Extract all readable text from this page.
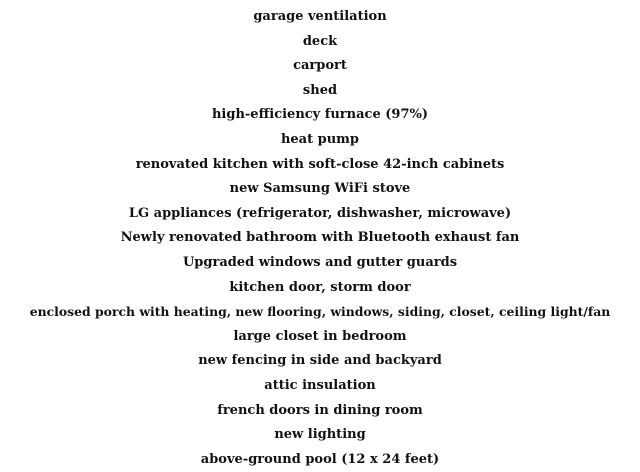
garage ventilation
deck
carport
shed
high-efficiency furnace (97%)
heat pump
renovated kitchen with soft-close 42-inch cabinets
new Samsung WiFi stove
LG appliances (refrigerator, dishwasher, microwave)
Newly renovated bathroom with Bluetooth exhaust fan
Upgraded windows and gutter guards
kitchen door, storm door
enclosed porch with heating, new flooring, windows, siding, closet, ceiling light/fan
large closet in bedroom
new fencing in side and backyard
attic insulation
french doors in dining room
new lighting
above-ground pool (12 x 24 feet)
